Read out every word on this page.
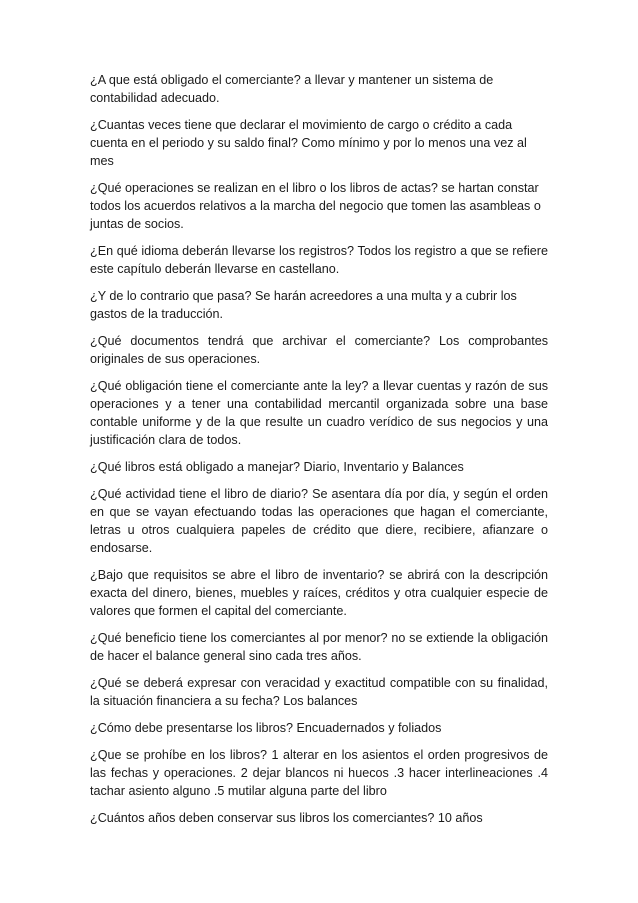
¿A que está obligado el comerciante? a llevar y mantener un sistema de contabilidad adecuado.

¿Cuantas veces tiene que declarar el movimiento de cargo o crédito a cada cuenta en el periodo y su saldo final? Como mínimo y por lo menos una vez al mes

¿Qué operaciones se realizan en el libro o los libros de actas? se hartan constar todos los acuerdos relativos a la marcha del negocio que tomen las asambleas o juntas de socios.

¿En qué idioma deberán llevarse los registros? Todos los registro a que se refiere este capítulo deberán llevarse en castellano.

¿Y de lo contrario que pasa? Se harán acreedores a una multa y a cubrir los gastos de la traducción.

¿Qué documentos tendrá que archivar el comerciante? Los comprobantes originales de sus operaciones.

¿Qué obligación tiene el comerciante ante la ley? a llevar cuentas y razón de sus operaciones y a tener una contabilidad mercantil organizada sobre una base contable uniforme y de la que resulte un cuadro verídico de sus negocios y una justificación clara de todos.

¿Qué libros está obligado a manejar? Diario, Inventario y Balances

¿Qué actividad tiene el libro de diario? Se asentara día por día, y según el orden en que se vayan efectuando todas las operaciones que hagan el comerciante, letras u otros cualquiera papeles de crédito que diere, recibiere, afianzare o endosarse.

¿Bajo que requisitos se abre el libro de inventario? se abrirá con la descripción exacta del dinero, bienes, muebles y raíces, créditos y otra cualquier especie de valores que formen el capital del comerciante.

¿Qué beneficio tiene los comerciantes al por menor? no se extiende la obligación de hacer el balance general sino cada tres años.

¿Qué se deberá expresar con veracidad y exactitud compatible con su finalidad, la situación financiera a su fecha? Los balances

¿Cómo debe presentarse los libros? Encuadernados y foliados

¿Que se prohíbe en los libros? 1 alterar en los asientos el orden progresivos de las fechas y operaciones. 2 dejar blancos ni huecos .3 hacer interlineaciones .4 tachar asiento alguno .5 mutilar alguna parte del libro

¿Cuántos años deben conservar sus libros los comerciantes? 10 años
